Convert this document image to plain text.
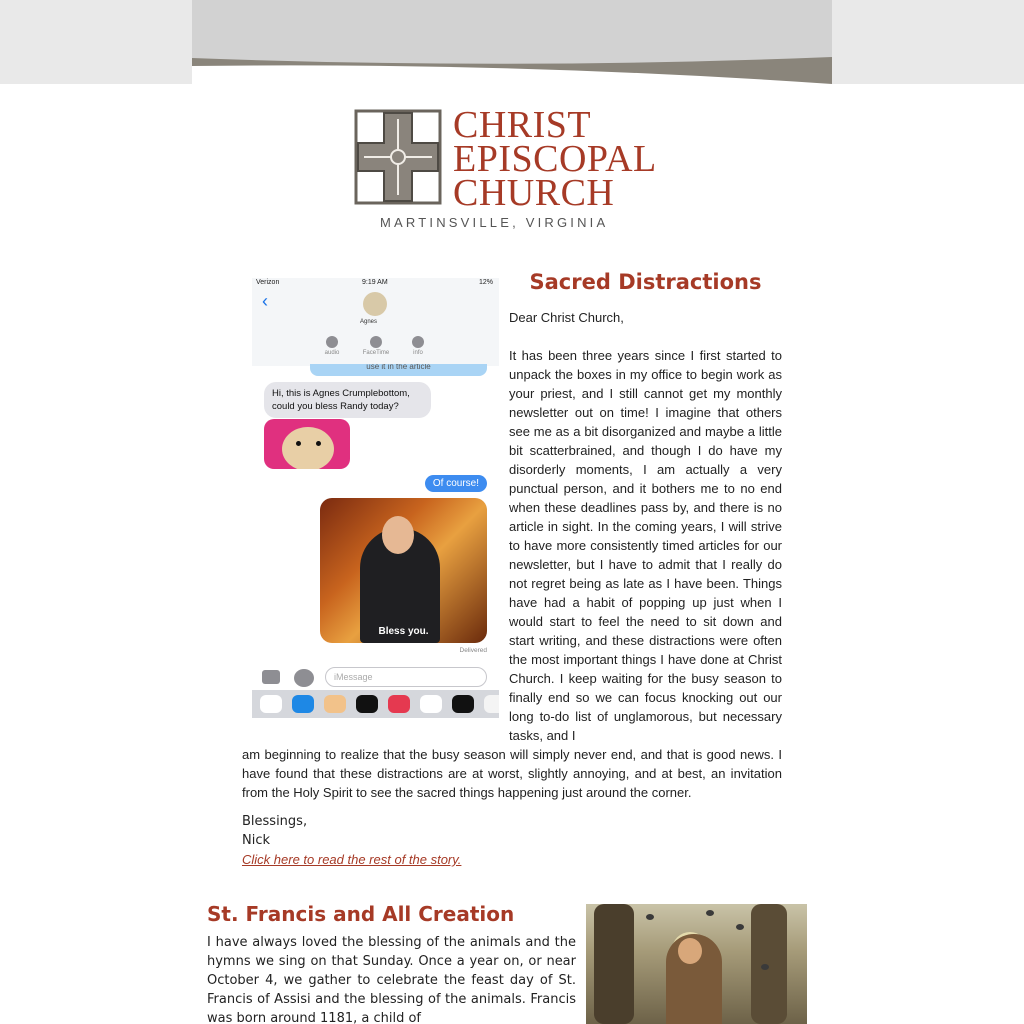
CHRIST
EPISCOPAL
CHURCH
MARTINSVILLE, VIRGINIA
Verizon	9:19 AM	12%
‹
Agnes
audio	FaceTime	info
use it in the article
Hi, this is Agnes Crumplebottom, could you bless Randy today?
Of course!
Bless you.
Delivered
iMessage
Sacred Distractions

Dear Christ Church,

It has been three years since I first started to unpack the boxes in my office to begin work as your priest, and I still cannot get my monthly newsletter out on time! I imagine that others see me as a bit disorganized and maybe a little bit scatterbrained, and though I do have my disorderly moments, I am actually a very punctual person, and it bothers me to no end when these deadlines pass by, and there is no article in sight. In the coming years, I will strive to have more consistently timed articles for our newsletter, but I have to admit that I really do not regret being as late as I have been. Things have had a habit of popping up just when I would start to feel the need to sit down and start writing, and these distractions were often the most important things I have done at Christ Church. I keep waiting for the busy season to finally end so we can focus knocking out our long to-do list of unglamorous, but necessary tasks, and I

am beginning to realize that the busy season will simply never end, and that is good news. I have found that these distractions are at worst, slightly annoying, and at best, an invitation from the Holy Spirit to see the sacred things happening just around the corner.

Blessings,

Nick

Click here to read the rest of the story.
St. Francis and All Creation

I have always loved the blessing of the animals and the hymns we sing on that Sunday. Once a year on, or near October 4, we gather to celebrate the feast day of St. Francis of Assisi and the blessing of the animals. Francis was born around 1181, a child of
